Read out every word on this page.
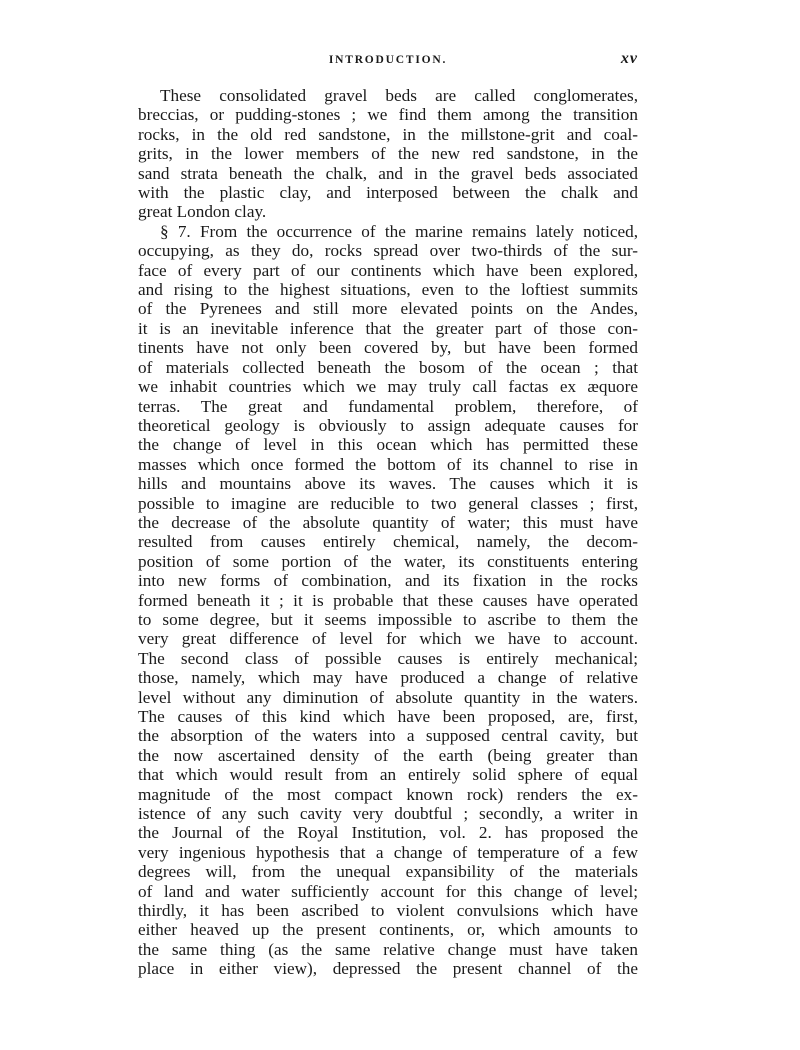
INTRODUCTION.	xv
These consolidated gravel beds are called conglomerates,
breccias, or pudding-stones ; we find them among the transition
rocks, in the old red sandstone, in the millstone-grit and coal-
grits, in the lower members of the new red sandstone, in the
sand strata beneath the chalk, and in the gravel beds associated
with the plastic clay, and interposed between the chalk and
great London clay.
§ 7. From the occurrence of the marine remains lately noticed,
occupying, as they do, rocks spread over two-thirds of the sur-
face of every part of our continents which have been explored,
and rising to the highest situations, even to the loftiest summits
of the Pyrenees and still more elevated points on the Andes,
it is an inevitable inference that the greater part of those con-
tinents have not only been covered by, but have been formed
of materials collected beneath the bosom of the ocean ; that
we inhabit countries which we may truly call factas ex æquore
terras. The great and fundamental problem, therefore, of
theoretical geology is obviously to assign adequate causes for
the change of level in this ocean which has permitted these
masses which once formed the bottom of its channel to rise in
hills and mountains above its waves. The causes which it is
possible to imagine are reducible to two general classes ; first,
the decrease of the absolute quantity of water; this must have
resulted from causes entirely chemical, namely, the decom-
position of some portion of the water, its constituents entering
into new forms of combination, and its fixation in the rocks
formed beneath it ; it is probable that these causes have operated
to some degree, but it seems impossible to ascribe to them the
very great difference of level for which we have to account.
The second class of possible causes is entirely mechanical;
those, namely, which may have produced a change of relative
level without any diminution of absolute quantity in the waters.
The causes of this kind which have been proposed, are, first,
the absorption of the waters into a supposed central cavity, but
the now ascertained density of the earth (being greater than
that which would result from an entirely solid sphere of equal
magnitude of the most compact known rock) renders the ex-
istence of any such cavity very doubtful ; secondly, a writer in
the Journal of the Royal Institution, vol. 2. has proposed the
very ingenious hypothesis that a change of temperature of a few
degrees will, from the unequal expansibility of the materials
of land and water sufficiently account for this change of level;
thirdly, it has been ascribed to violent convulsions which have
either heaved up the present continents, or, which amounts to
the same thing (as the same relative change must have taken
place in either view), depressed the present channel of the
